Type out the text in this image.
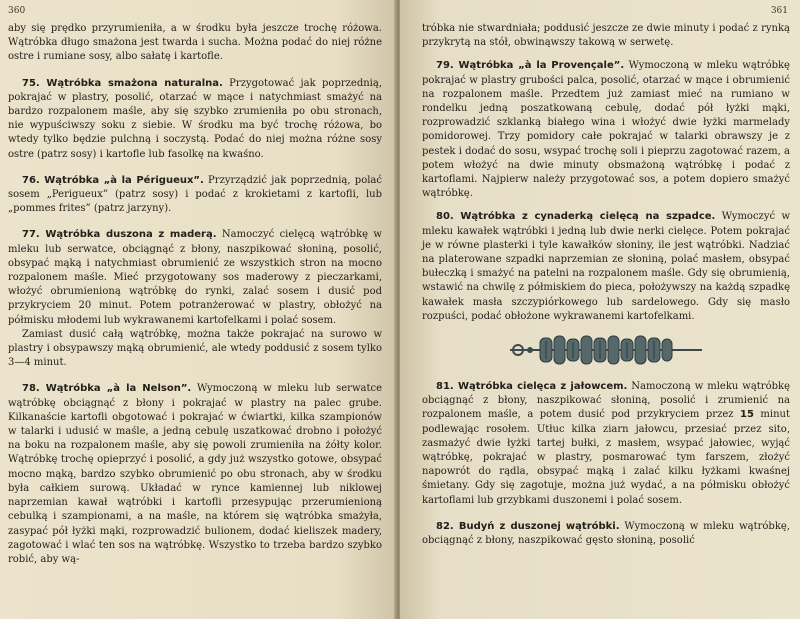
360

aby się prędko przyrumieniła, a w środku była jeszcze trochę różowa. Wątróbka długo smażona jest twarda i sucha. Można podać do niej różne ostre i rumiane sosy, albo sałatę i kartofle.

75. Wątróbka smażona naturalna. Przygotować jak poprzednią, pokrajać w plastry, posolić, otarzać w mące i natychmiast smażyć na bardzo rozpalonem maśle, aby się szybko zrumieniła po obu stronach, nie wypuściwszy soku z siebie. W środku ma być trochę różowa, bo wtedy tylko będzie pulchną i soczystą. Podać do niej można różne sosy ostre (patrz sosy) i kartofle lub fasolkę na kwaśno.

76. Wątróbka „à la Périgueux”. Przyrządzić jak poprzednią, polać sosem „Perigueux” (patrz sosy) i podać z krokietami z kartofli, lub „pommes frites” (patrz jarzyny).

77. Wątróbka duszona z maderą. Namoczyć cielęcą wątróbkę w mleku lub serwatce, obciągnąć z błony, naszpikować słoniną, posolić, obsypać mąką i natychmiast obrumienić ze wszystkich stron na mocno rozpalonem maśle. Mieć przygotowany sos maderowy z pieczarkami, włożyć obrumienioną wątróbkę do rynki, zalać sosem i dusić pod przykryciem 20 minut. Potem potranżerować w plastry, obłożyć na półmisku młodemi lub wykrawanemi kartofelkami i polać sosem.

Zamiast dusić całą wątróbkę, można także pokrajać na surowo w plastry i obsypawszy mąką obrumienić, ale wtedy poddusić z sosem tylko 3—4 minut.

78. Wątróbka „à la Nelson”. Wymoczoną w mleku lub serwatce wątróbkę obciągnąć z błony i pokrajać w plastry na palec grube. Kilkanaście kartofli obgotować i pokrajać w ćwiartki, kilka szampionów w talarki i udusić w maśle, a jedną cebulę uszatkować drobno i położyć na boku na rozpalonem maśle, aby się powoli zrumieniła na żółty kolor. Wątróbkę trochę opieprzyć i posolić, a gdy już wszystko gotowe, obsypać mocno mąką, bardzo szybko obrumienić po obu stronach, aby w środku była całkiem surową. Układać w rynce kamiennej lub niklowej naprzemian kawał wątróbki i kartofli przesypując przerumienioną cebulką i szampionami, a na maśle, na którem się wątróbka smażyła, zasypać pół łyżki mąki, rozprowadzić bulionem, dodać kieliszek madery, zagotować i wlać ten sos na wątróbkę. Wszystko to trzeba bardzo szybko robić, aby wą-

361

tróbka nie stwardniała; poddusić jeszcze ze dwie minuty i podać z rynką przykrytą na stół, obwinąwszy takową w serwetę.

79. Wątróbka „à la Provençale”. Wymoczoną w mleku wątróbkę pokrajać w plastry grubości palca, posolić, otarzać w mące i obrumienić na rozpalonem maśle. Przedtem już zamiast mieć na rumiano w rondelku jedną poszatkowaną cebulę, dodać pół łyżki mąki, rozprowadzić szklanką białego wina i włożyć dwie łyżki marmelady pomidorowej. Trzy pomidory całe pokrajać w talarki obrawszy je z pestek i dodać do sosu, wsypać trochę soli i pieprzu zagotować razem, a potem włożyć na dwie minuty obsmażoną wątróbkę i podać z kartoflami. Najpierw należy przygotować sos, a potem dopiero smażyć wątróbkę.

80. Wątróbka z cynaderką cielęcą na szpadce. Wymoczyć w mleku kawałek wątróbki i jedną lub dwie nerki cielęce. Potem pokrajać je w równe plasterki i tyle kawałków słoniny, ile jest wątróbki. Nadziać na platerowane szpadki naprzemian ze słoniną, polać masłem, obsypać bułeczką i smażyć na patelni na rozpalonem maśle. Gdy się obrumienią, wstawić na chwilę z półmiskiem do pieca, położywszy na każdą szpadkę kawałek masła szczypiórkowego lub sardelowego. Gdy się masło rozpuści, podać obłożone wykrawanemi kartofelkami.

81. Wątróbka cielęca z jałowcem. Namoczoną w mleku wątróbkę obciągnąć z błony, naszpikować słoniną, posolić i zrumienić na rozpalonem maśle, a potem dusić pod przykryciem przez 15 minut podlewając rosołem. Utłuc kilka ziarn jałowcu, przesiać przez sito, zasmażyć dwie łyżki tartej bułki, z masłem, wsypać jałowiec, wyjąć wątróbkę, pokrajać w plastry, posmarować tym farszem, złożyć napowrót do rądla, obsypać mąką i zalać kilku łyżkami kwaśnej śmietany. Gdy się zagotuje, można już wydać, a na półmisku obłożyć kartoflami lub grzybkami duszonemi i polać sosem.

82. Budyń z duszonej wątróbki. Wymoczoną w mleku wątróbkę, obciągnąć z błony, naszpikować gęsto słoniną, posolić
